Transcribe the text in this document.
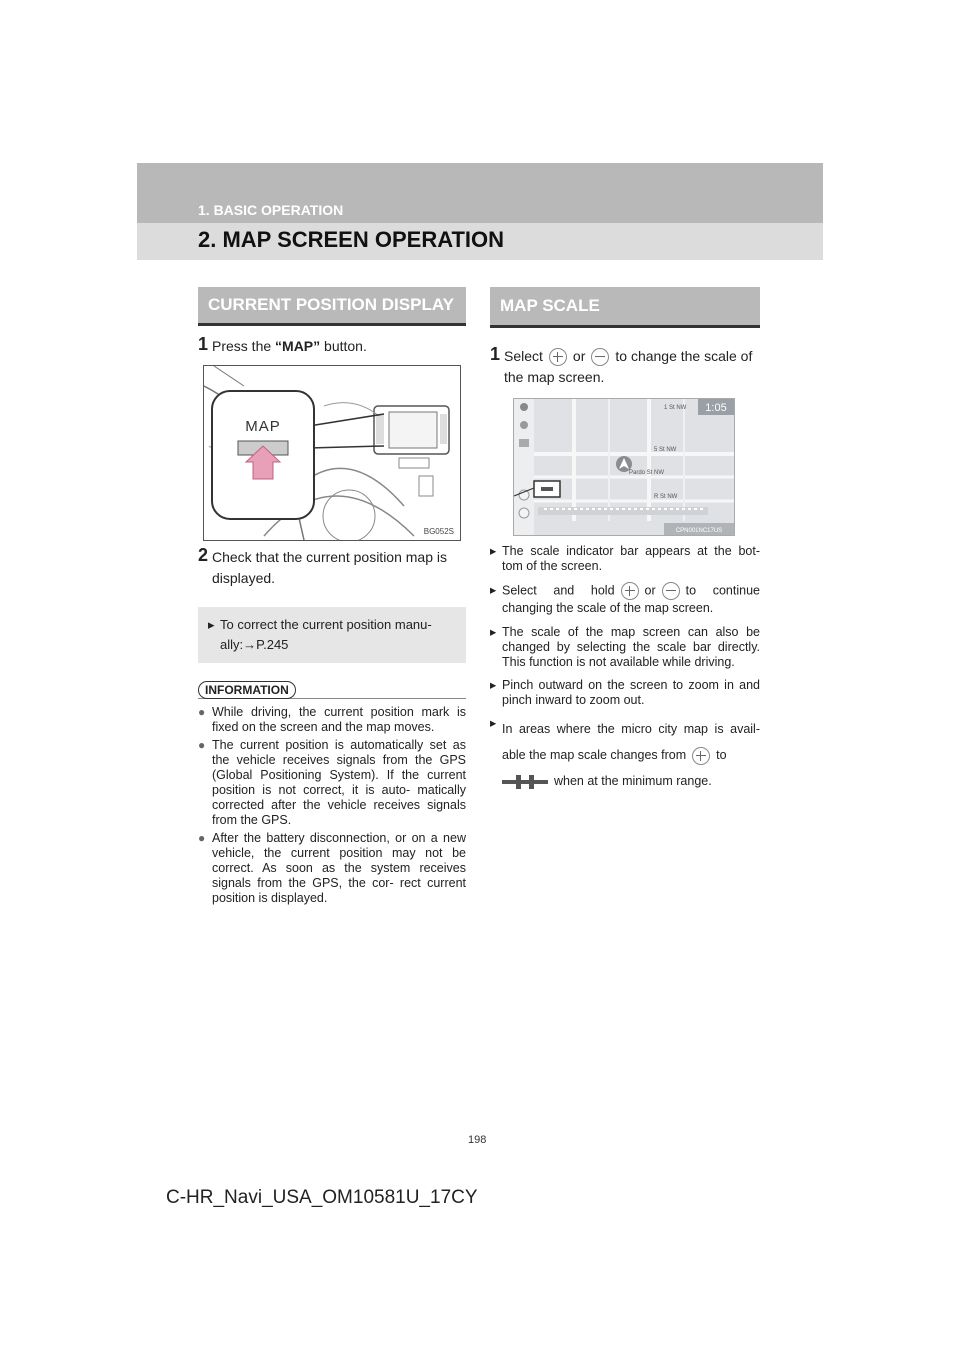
1. BASIC OPERATION
2. MAP SCREEN OPERATION
CURRENT POSITION DISPLAY
1 Press the “MAP” button.
MAP
BG052S
2 Check that the current position map is displayed.
▸ To correct the current position manu- ally:→P.245
INFORMATION
● While driving, the current position mark is fixed on the screen and the map moves.
● The current position is automatically set as the vehicle receives signals from the GPS (Global Positioning System). If the current position is not correct, it is auto- matically corrected after the vehicle receives signals from the GPS.
● After the battery disconnection, or on a new vehicle, the current position may not be correct. As soon as the system receives signals from the GPS, the cor- rect current position is displayed.
MAP SCALE
1 Select or to change the scale of the map screen.
1 St NW
5 St NW
Pardo St NW
R St NW
1:05
CPN001NC17US
▸ The scale indicator bar appears at the bot- tom of the screen.
▸ Select and hold or to continue changing the scale of the map screen.
▸ The scale of the map screen can also be changed by selecting the scale bar directly. This function is not available while driving.
▸ Pinch outward on the screen to zoom in and pinch inward to zoom out.
▸ In areas where the micro city map is avail- able the map scale changes from to

when at the minimum range.
198
C-HR_Navi_USA_OM10581U_17CY
